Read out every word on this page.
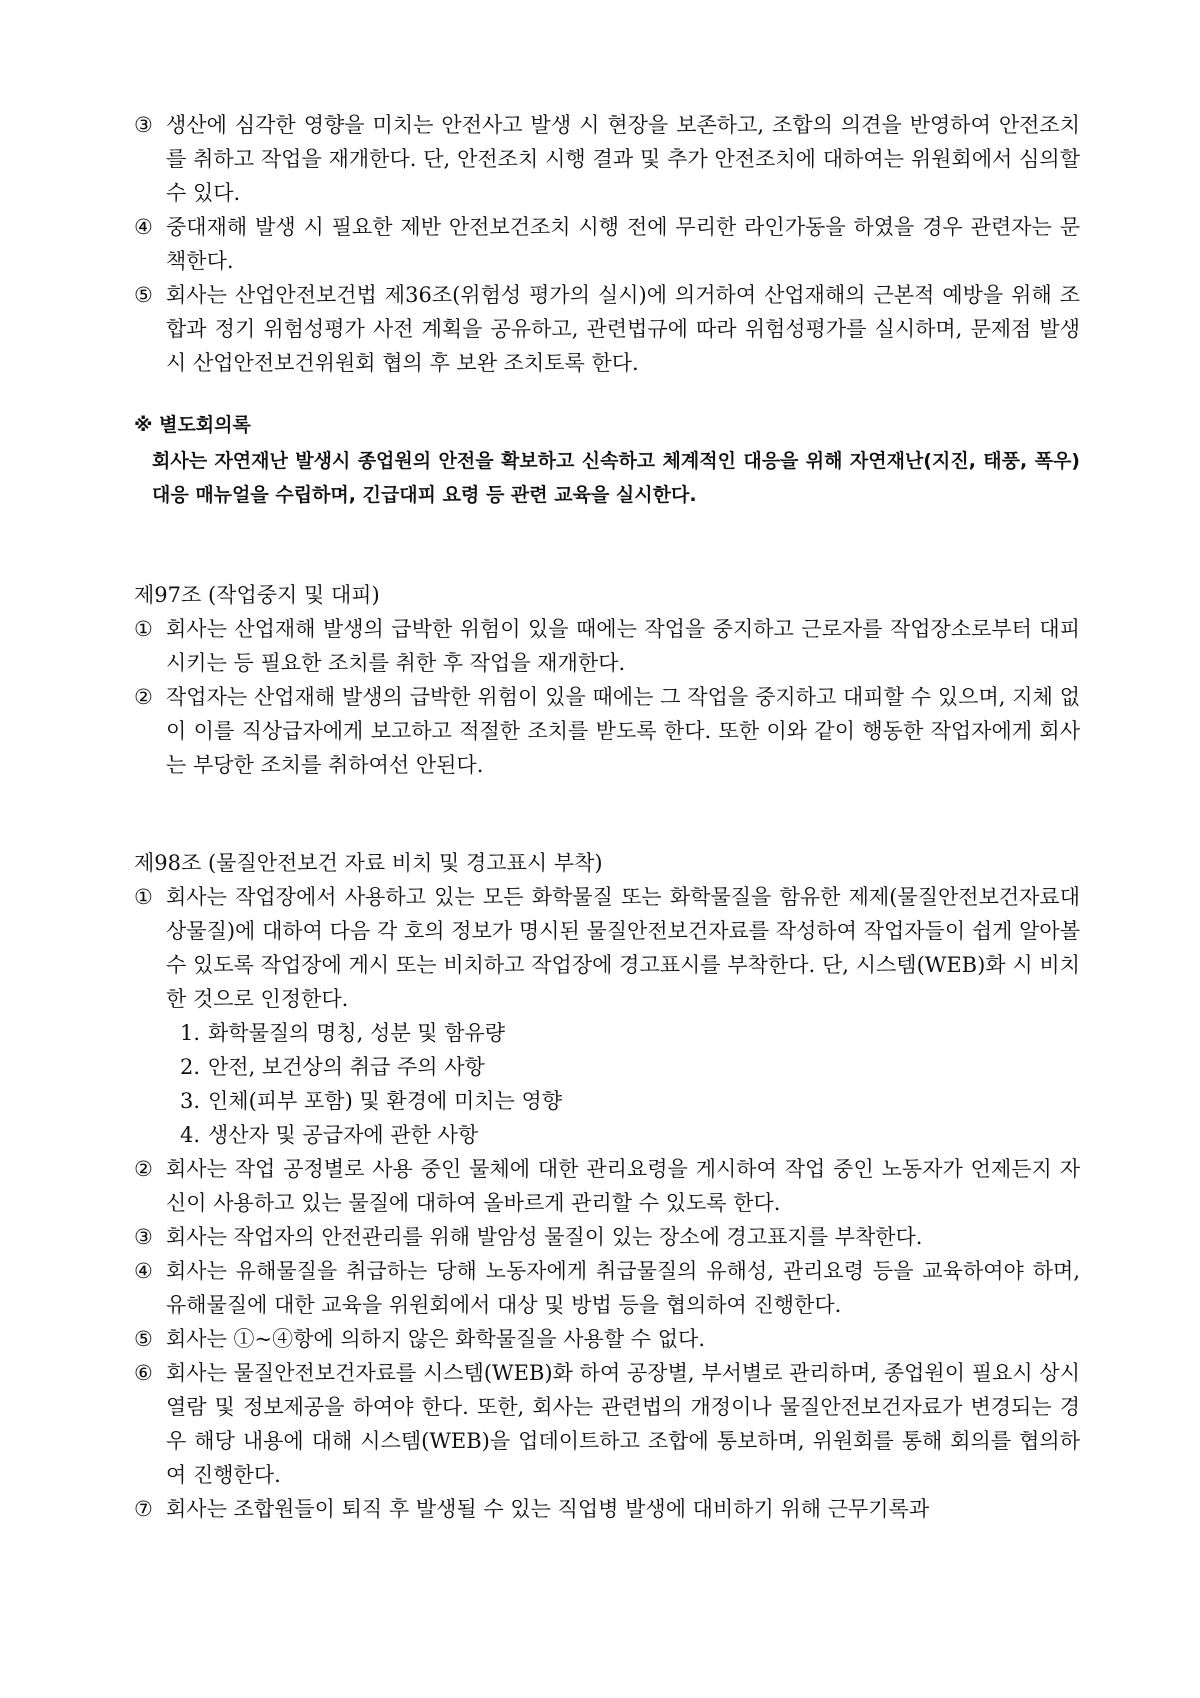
③ 생산에 심각한 영향을 미치는 안전사고 발생 시 현장을 보존하고, 조합의 의견을 반영하여 안전조치를 취하고 작업을 재개한다. 단, 안전조치 시행 결과 및 추가 안전조치에 대하여는 위원회에서 심의할 수 있다.
④ 중대재해 발생 시 필요한 제반 안전보건조치 시행 전에 무리한 라인가동을 하였을 경우 관련자는 문책한다.
⑤ 회사는 산업안전보건법 제36조(위험성 평가의 실시)에 의거하여 산업재해의 근본적 예방을 위해 조합과 정기 위험성평가 사전 계획을 공유하고, 관련법규에 따라 위험성평가를 실시하며, 문제점 발생 시 산업안전보건위원회 협의 후 보완 조치토록 한다.
※ 별도회의록
회사는 자연재난 발생시 종업원의 안전을 확보하고 신속하고 체계적인 대응을 위해 자연재난(지진, 태풍, 폭우) 대응 매뉴얼을 수립하며, 긴급대피 요령 등 관련 교육을 실시한다.
제97조 (작업중지 및 대피)
① 회사는 산업재해 발생의 급박한 위험이 있을 때에는 작업을 중지하고 근로자를 작업장소로부터 대피시키는 등 필요한 조치를 취한 후 작업을 재개한다.
② 작업자는 산업재해 발생의 급박한 위험이 있을 때에는 그 작업을 중지하고 대피할 수 있으며, 지체 없이 이를 직상급자에게 보고하고 적절한 조치를 받도록 한다. 또한 이와 같이 행동한 작업자에게 회사는 부당한 조치를 취하여선 안된다.
제98조 (물질안전보건 자료 비치 및 경고표시 부착)
① 회사는 작업장에서 사용하고 있는 모든 화학물질 또는 화학물질을 함유한 제제(물질안전보건자료대상물질)에 대하여 다음 각 호의 정보가 명시된 물질안전보건자료를 작성하여 작업자들이 쉽게 알아볼 수 있도록 작업장에 게시 또는 비치하고 작업장에 경고표시를 부착한다. 단, 시스템(WEB)화 시 비치한 것으로 인정한다.
1. 화학물질의 명칭, 성분 및 함유량
2. 안전, 보건상의 취급 주의 사항
3. 인체(피부 포함) 및 환경에 미치는 영향
4. 생산자 및 공급자에 관한 사항
② 회사는 작업 공정별로 사용 중인 물체에 대한 관리요령을 게시하여 작업 중인 노동자가 언제든지 자신이 사용하고 있는 물질에 대하여 올바르게 관리할 수 있도록 한다.
③ 회사는 작업자의 안전관리를 위해 발암성 물질이 있는 장소에 경고표지를 부착한다.
④ 회사는 유해물질을 취급하는 당해 노동자에게 취급물질의 유해성, 관리요령 등을 교육하여야 하며, 유해물질에 대한 교육을 위원회에서 대상 및 방법 등을 협의하여 진행한다.
⑤ 회사는 ①~④항에 의하지 않은 화학물질을 사용할 수 없다.
⑥ 회사는 물질안전보건자료를 시스템(WEB)화 하여 공장별, 부서별로 관리하며, 종업원이 필요시 상시 열람 및 정보제공을 하여야 한다. 또한, 회사는 관련법의 개정이나 물질안전보건자료가 변경되는 경우 해당 내용에 대해 시스템(WEB)을 업데이트하고 조합에 통보하며, 위원회를 통해 회의를 협의하여 진행한다.
⑦ 회사는 조합원들이 퇴직 후 발생될 수 있는 직업병 발생에 대비하기 위해 근무기록과
